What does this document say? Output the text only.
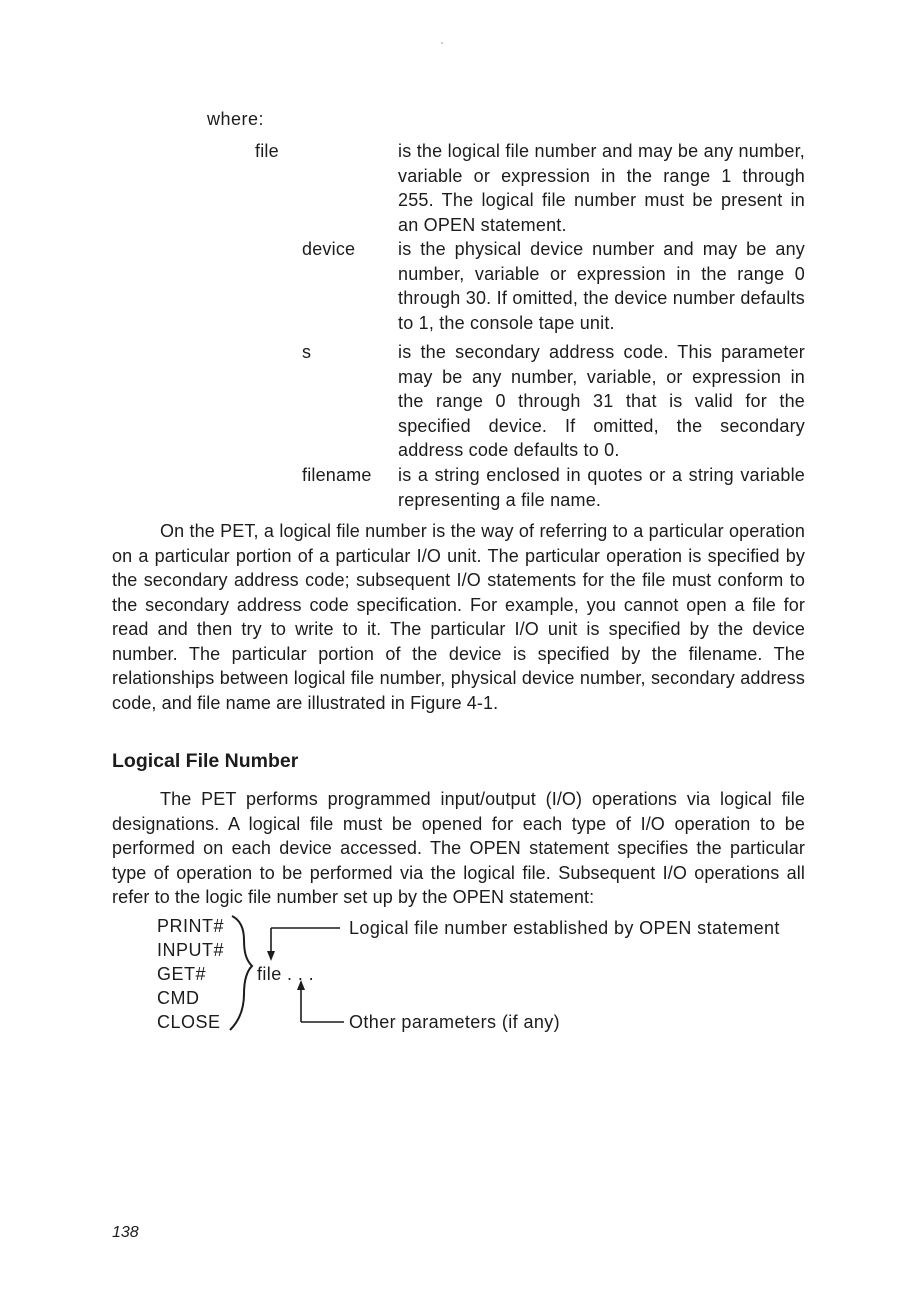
where:
file	is the logical file number and may be any number, variable or expression in the range 1 through 255. The logical file number must be present in an OPEN statement.
device is the physical device number and may be any number, variable or expression in the range 0 through 30. If omitted, the device number defaults to 1, the console tape unit.
s	is the secondary address code. This parameter may be any number, variable, or expression in the range 0 through 31 that is valid for the specified device. If omitted, the secondary address code defaults to 0.
filename is a string enclosed in quotes or a string variable representing a file name.
On the PET, a logical file number is the way of referring to a particular operation on a particular portion of a particular I/O unit. The particular operation is specified by the secondary address code; subsequent I/O statements for the file must conform to the secondary address code specification. For example, you cannot open a file for read and then try to write to it. The particular I/O unit is specified by the device number. The particular portion of the device is specified by the filename. The relationships between logical file number, physical device number, secondary address code, and file name are illustrated in Figure 4-1.
Logical File Number
The PET performs programmed input/output (I/O) operations via logical file designations. A logical file must be opened for each type of I/O operation to be performed on each device accessed. The OPEN statement specifies the particular type of operation to be performed via the logical file. Subsequent I/O operations all refer to the logic file number set up by the OPEN statement:
PRINT#
INPUT#
GET#
CMD
CLOSE
file . . .
Logical file number established by OPEN statement
Other parameters (if any)
138
